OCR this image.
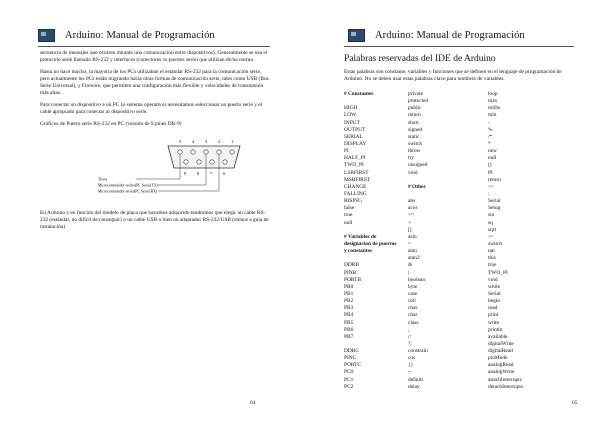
Arduino: Manual de Programación

secuencia de mensajes que ocurren durante una comunicación entre dispositivos). Generalmente se usa el protocolo serie llamado RS-232 y interfaces (conectores vs puertos serie) que utilizan dicha norma.

Hasta no hace mucho, la mayoría de los PCs utilizaban el estándar RS-232 para la comunicación serie, pero actualmente los PCs están migrando hacia otras formas de comunicación serie, tales como USB (Bus Serie Universal), y Firewire, que permiten una configuración más flexible y velocidades de transmisión más altas.

Para conectar un dispositivo a un PC (o sistema operativo) necesitamos seleccionar un puerto serie y el cable apropiado para conectar al dispositivo serie.

Gráficos de Puerto serie RS-232 en PC (versión de 9 pines DB-9)

5 4 3 2 1
9 8 7 6
Tierra
Microcontrolador recibe(PC Serial TX)
Microcontrolador envía(PC Serial RX)

En Arduino y en función del modelo de placa que hayamos adquirido tendremos que elegir un cable RS-232 (estándar, no difícil de conseguir) o un cable USB o bien un adaptador RS-232/USB (enlace a guía de instalación)

64
Arduino: Manual de Programación
Palabras reservadas del IDE de Arduino

Estas palabras son constante, variables y funciones que se definen en el lenguaje de programación de Arduino. No se deben usar estas palabras clave para nombres de variables.

# Constantes
HIGH
LOW
INPUT
OUTPUT
SERIAL
DISPLAY
PI
HALF_PI
TWO_PI
LSBFIRST
MSBFIRST
CHANGE
FALLING
RISING
false
true
null
# Variables de
designacion de puertos
y constantes
DDRB
PINB
PORTB
PB0
PB1
PB2
PB3
PB4
PB5
PB6
PB7
DDRC
PINC
PORTC
PC0
PC1
PC2
private
protected
public
return
short
signed
static
switch
throw
try
unsigned
void
# Other
abs
acos
+=
+
[]
asin
=
atan
atan2
&
|
boolean
byte
case
ceil
char
char
class
,
//
?:
constrain
cos
{}
--
default
delay
loop
max
millis
min
-
%
/*
*
new
null
()
PI
return
>>
;
Serial
Setup
sin
sq
sqrt
-=
switch
tan
this
true
TWO_PI
void
while
Serial
begin
read
print
write
println
available
digitalWrite
digitalRead
pinMode
analogRead
analogWrite
attachInterrupts
detachInterrupts
65
